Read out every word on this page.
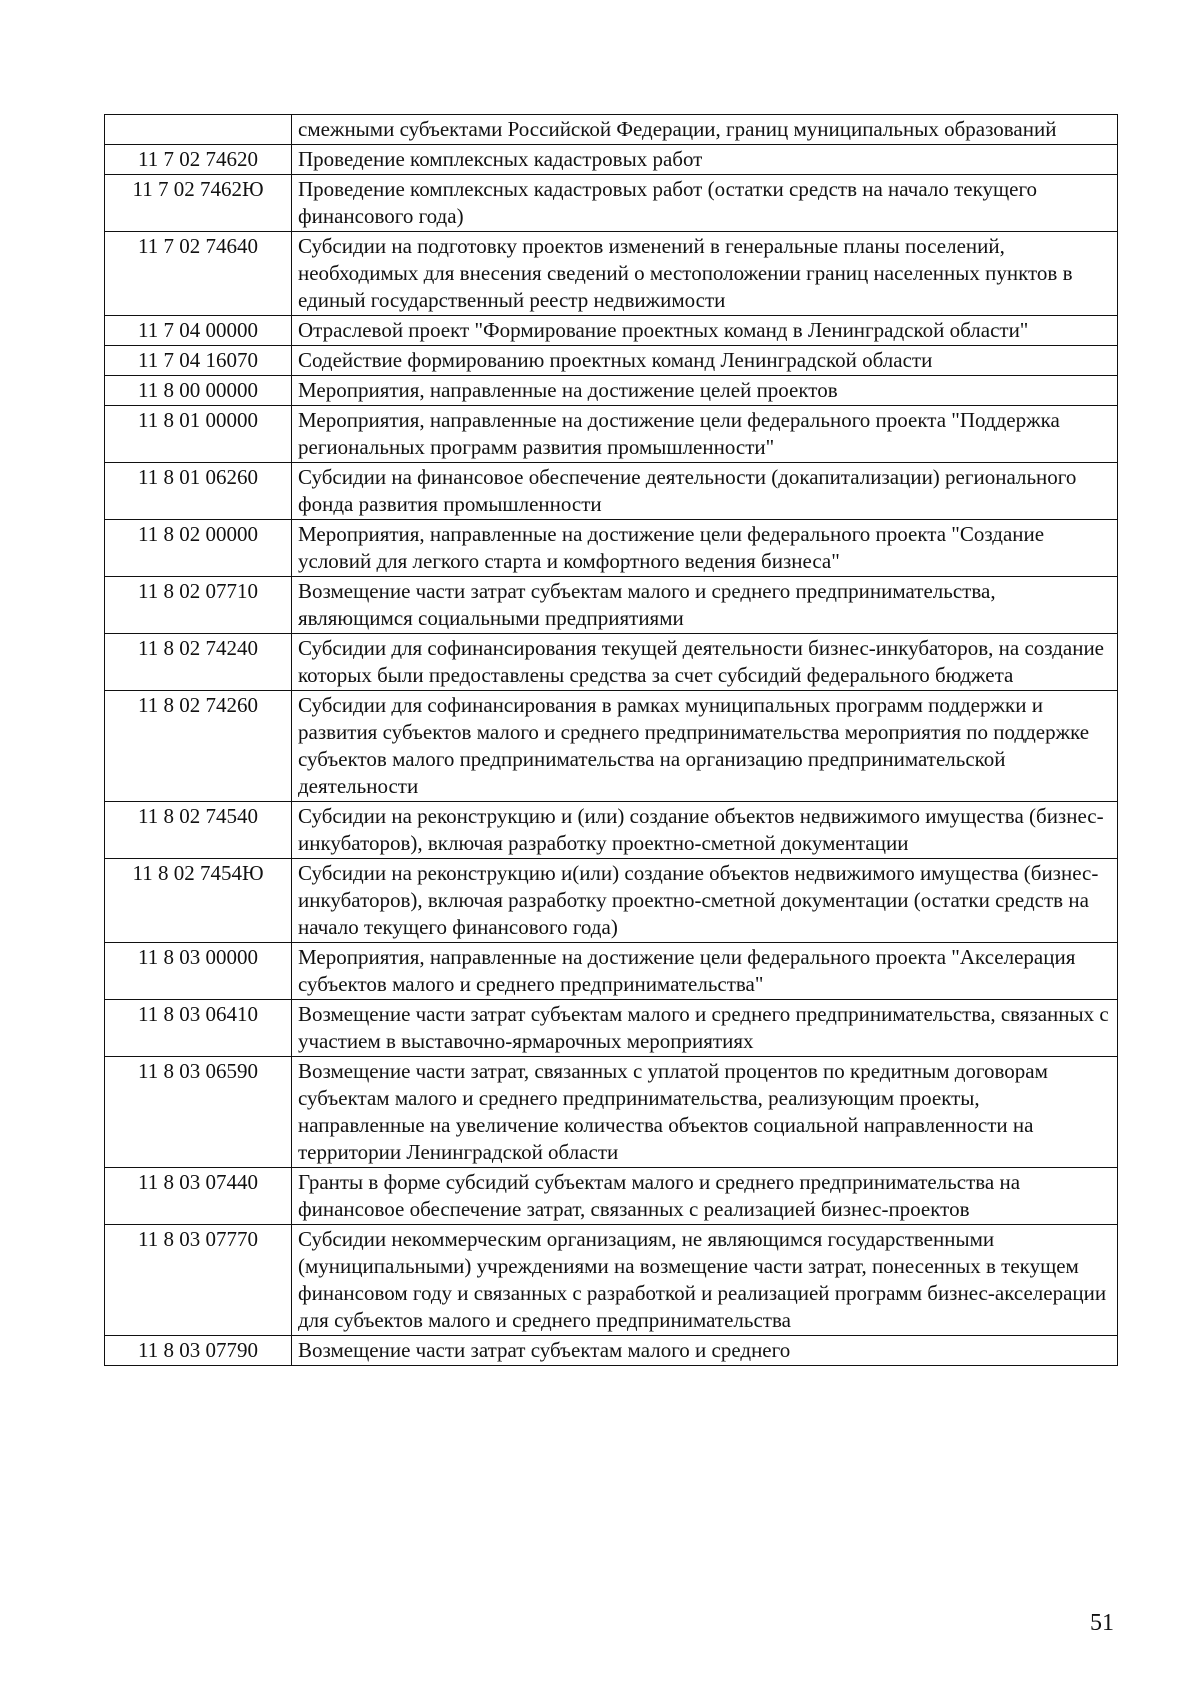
	смежными субъектами Российской Федерации, границ муниципальных образований
11 7 02 74620	Проведение комплексных кадастровых работ
11 7 02 7462Ю	Проведение комплексных кадастровых работ (остатки средств на начало текущего финансового года)
11 7 02 74640	Субсидии на подготовку проектов изменений в генеральные планы поселений, необходимых для внесения сведений о местоположении границ населенных пунктов в единый государственный реестр недвижимости
11 7 04 00000	Отраслевой проект "Формирование проектных команд в Ленинградской области"
11 7 04 16070	Содействие формированию проектных команд Ленинградской области
11 8 00 00000	Мероприятия, направленные на достижение целей проектов
11 8 01 00000	Мероприятия, направленные на достижение цели федерального проекта "Поддержка региональных программ развития промышленности"
11 8 01 06260	Субсидии на финансовое обеспечение деятельности (докапитализации) регионального фонда развития промышленности
11 8 02 00000	Мероприятия, направленные на достижение цели федерального проекта "Создание условий для легкого старта и комфортного ведения бизнеса"
11 8 02 07710	Возмещение части затрат субъектам малого и среднего предпринимательства, являющимся социальными предприятиями
11 8 02 74240	Субсидии для софинансирования текущей деятельности бизнес-инкубаторов, на создание которых были предоставлены средства за счет субсидий федерального бюджета
11 8 02 74260	Субсидии для софинансирования в рамках муниципальных программ поддержки и развития субъектов малого и среднего предпринимательства мероприятия по поддержке субъектов малого предпринимательства на организацию предпринимательской деятельности
11 8 02 74540	Субсидии на реконструкцию и (или) создание объектов недвижимого имущества (бизнес-инкубаторов), включая разработку проектно-сметной документации
11 8 02 7454Ю	Субсидии на реконструкцию и(или) создание объектов недвижимого имущества (бизнес-инкубаторов), включая разработку проектно-сметной документации (остатки средств на начало текущего финансового года)
11 8 03 00000	Мероприятия, направленные на достижение цели федерального проекта "Акселерация субъектов малого и среднего предпринимательства"
11 8 03 06410	Возмещение части затрат субъектам малого и среднего предпринимательства, связанных с участием в выставочно-ярмарочных мероприятиях
11 8 03 06590	Возмещение части затрат, связанных с уплатой процентов по кредитным договорам субъектам малого и среднего предпринимательства, реализующим проекты, направленные на увеличение количества объектов социальной направленности на территории Ленинградской области
11 8 03 07440	Гранты в форме субсидий субъектам малого и среднего предпринимательства на финансовое обеспечение затрат, связанных с реализацией бизнес-проектов
11 8 03 07770	Субсидии некоммерческим организациям, не являющимся государственными (муниципальными) учреждениями на возмещение части затрат, понесенных в текущем финансовом году и связанных с разработкой и реализацией программ бизнес-акселерации для субъектов малого и среднего предпринимательства
11 8 03 07790	Возмещение части затрат субъектам малого и среднего
51
